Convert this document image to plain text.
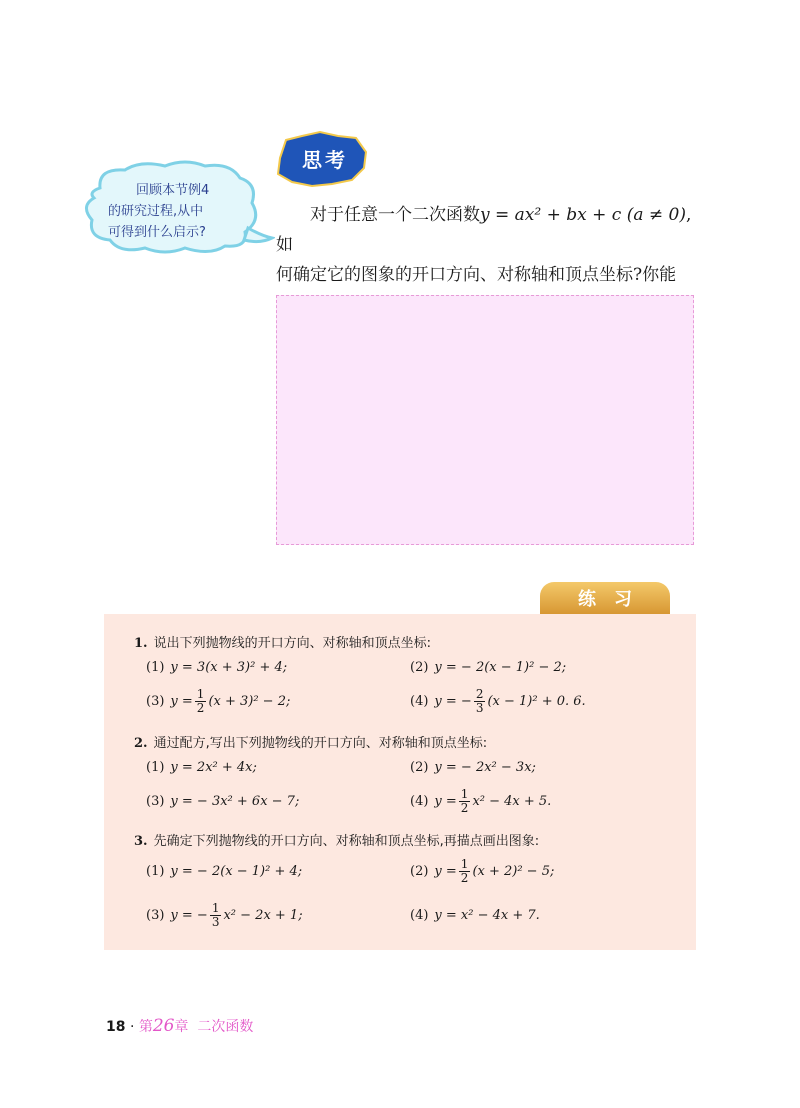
思考
回顾本节例4
的研究过程,从中
可得到什么启示?
对于任意一个二次函数y = ax² + bx + c (a ≠ 0),如
何确定它的图象的开口方向、对称轴和顶点坐标?你能
练习
1. 说出下列抛物线的开口方向、对称轴和顶点坐标:
(1) y = 3(x + 3)² + 4;	(2) y = − 2(x − 1)² − 2;
(3) $y = \frac{1}{2} (x + 3)^2 - 2$;	(4) y = − $\frac{2}{3} (x - 1)^2 + 0$. 6.
2. 通过配方,写出下列抛物线的开口方向、对称轴和顶点坐标:
(1) y = 2x² + 4x;	(2) y = − 2x² − 3x;
(3) y = − 3x² + 6x − 7;	(4) $y = \frac{1}{2} x^2 - 4x + 5$.
3. 先确定下列抛物线的开口方向、对称轴和顶点坐标,再描点画出图象:
(1) y = − 2(x − 1)² + 4;	(2) $y = \frac{1}{2} (x + 2)^2 - 5$;
(3) y = − $\frac{1}{3} x^2 - 2x + 1$;	(4) y = x² − 4x + 7.
18 · 第26章 二次函数
